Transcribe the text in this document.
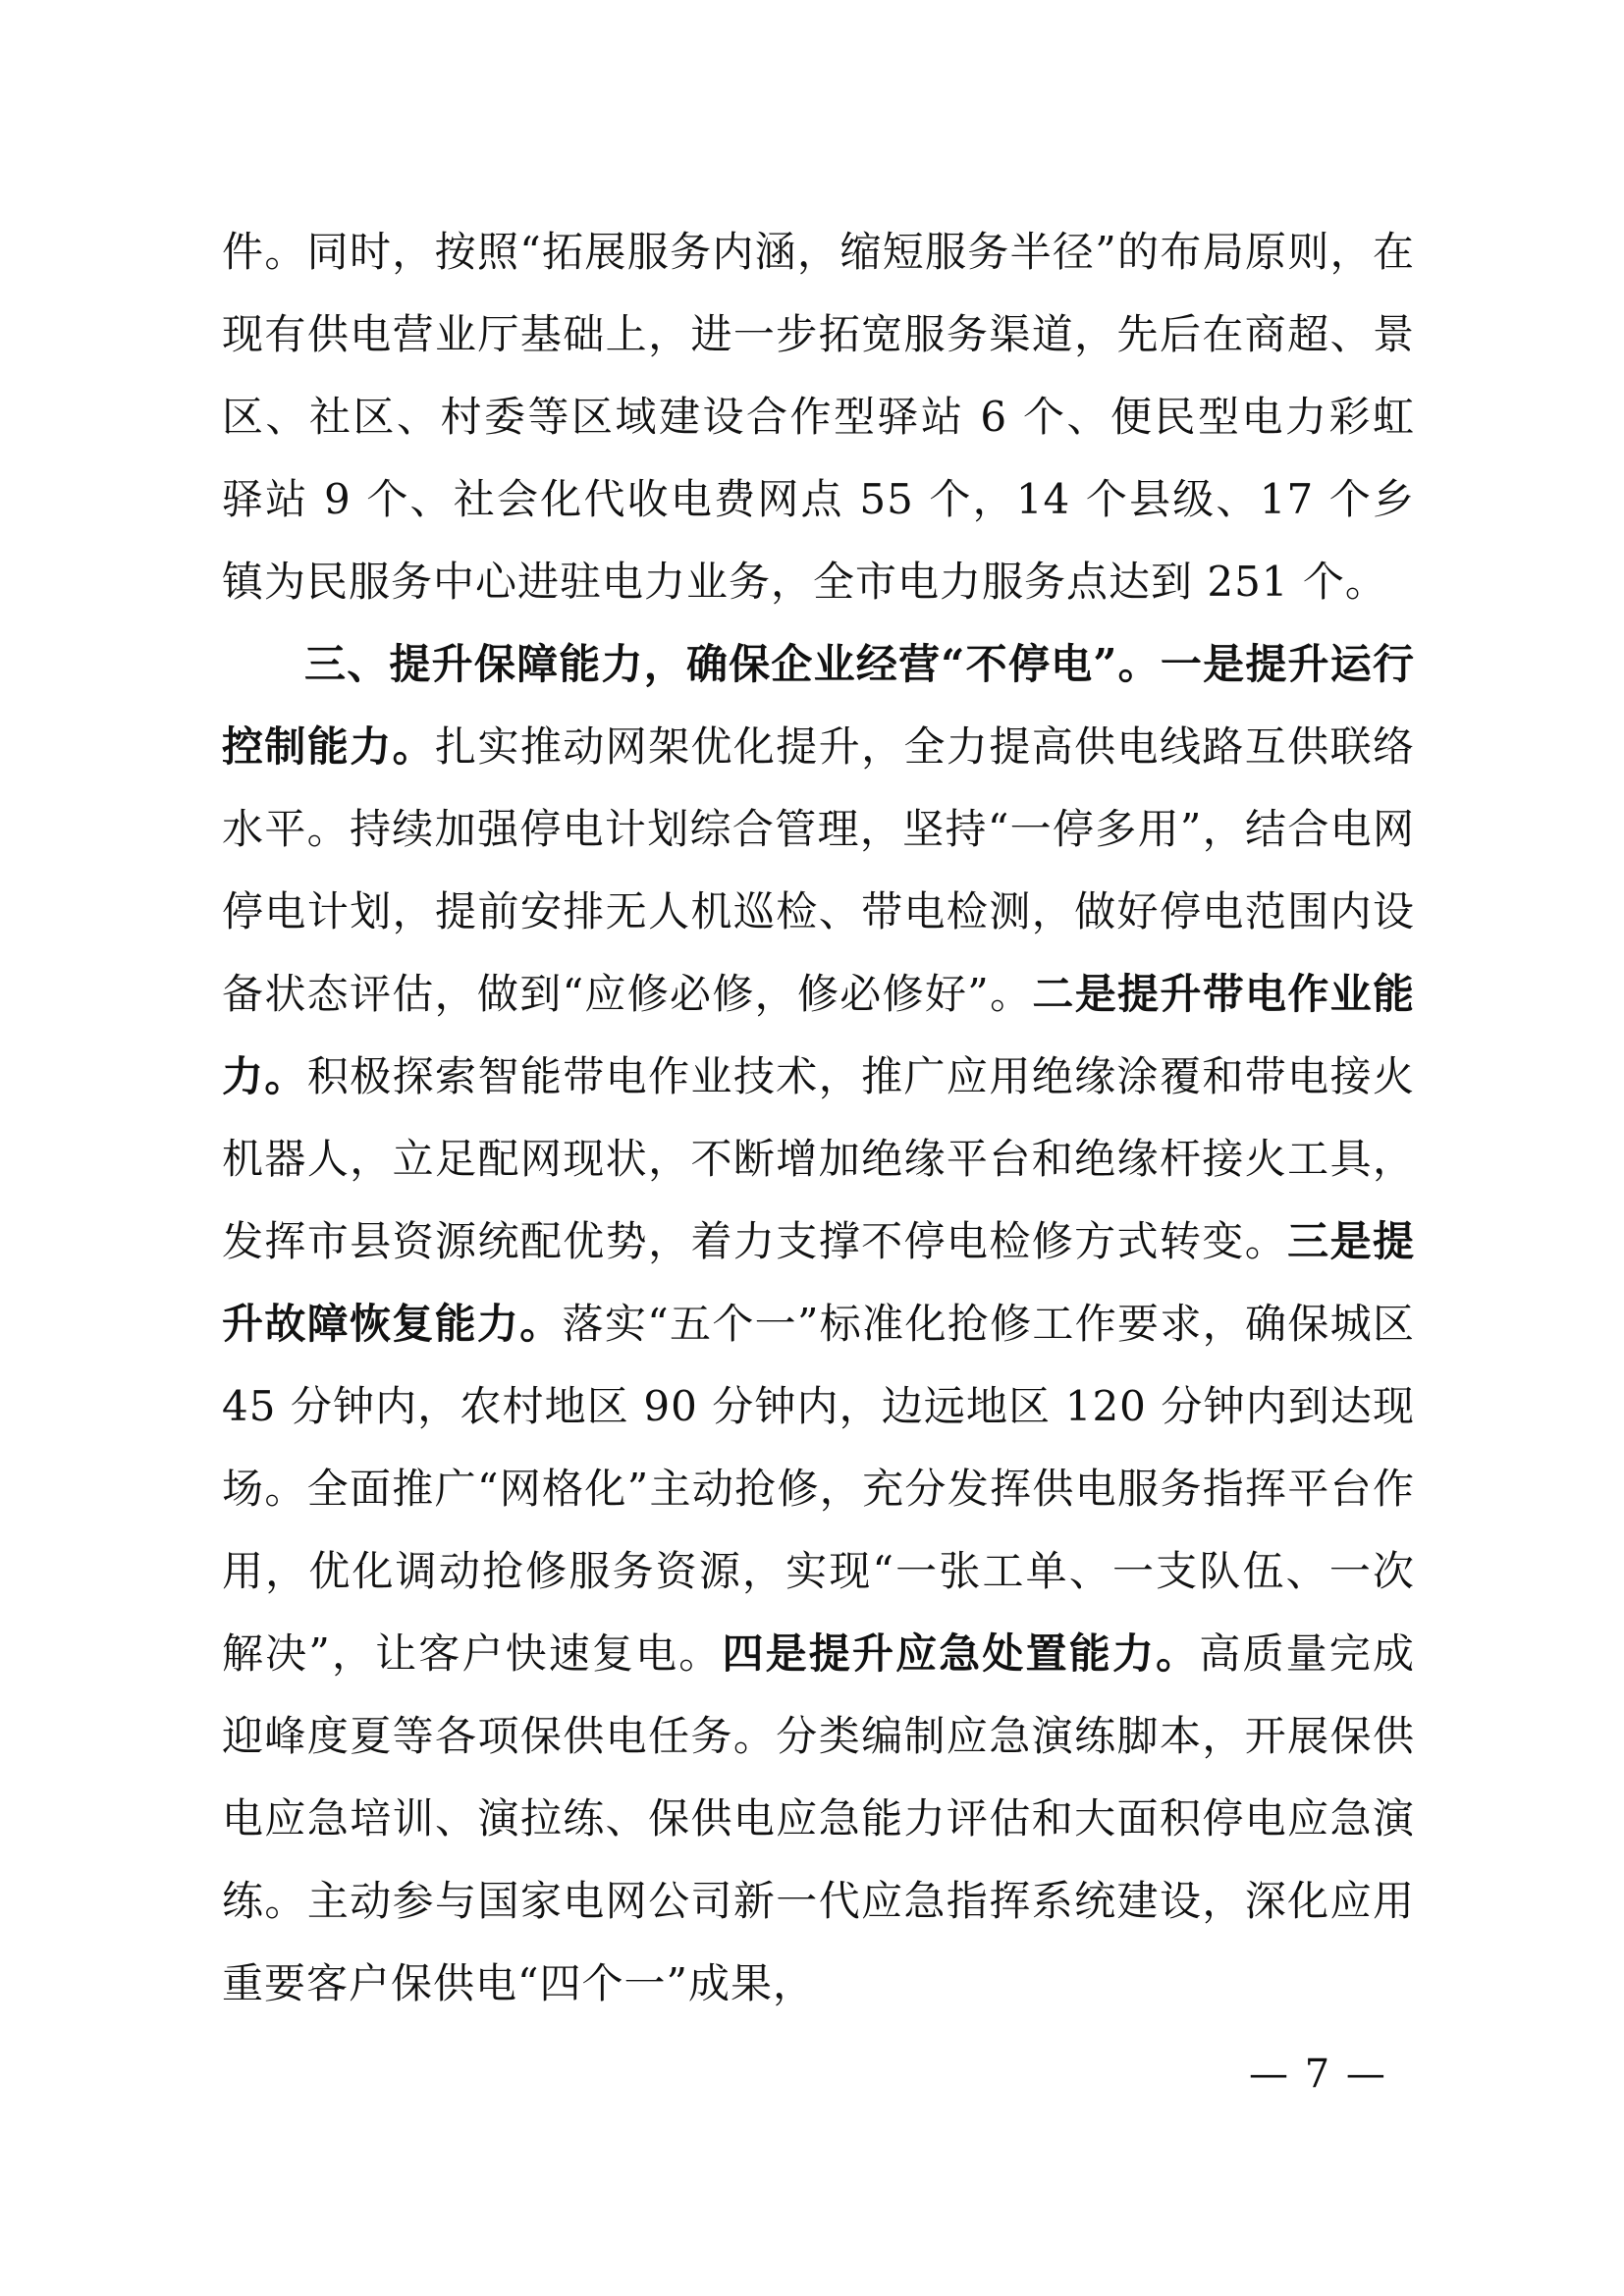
件。同时，按照“拓展服务内涵，缩短服务半径”的布局原则，在现有供电营业厅基础上，进一步拓宽服务渠道，先后在商超、景区、社区、村委等区域建设合作型驿站 6 个、便民型电力彩虹驿站 9 个、社会化代收电费网点 55 个，14 个县级、17 个乡镇为民服务中心进驻电力业务，全市电力服务点达到 251 个。

三、提升保障能力，确保企业经营“不停电”。一是提升运行控制能力。扎实推动网架优化提升，全力提高供电线路互供联络水平。持续加强停电计划综合管理，坚持“一停多用”，结合电网停电计划，提前安排无人机巡检、带电检测，做好停电范围内设备状态评估，做到“应修必修，修必修好”。二是提升带电作业能力。积极探索智能带电作业技术，推广应用绝缘涂覆和带电接火机器人，立足配网现状，不断增加绝缘平台和绝缘杆接火工具，发挥市县资源统配优势，着力支撑不停电检修方式转变。三是提升故障恢复能力。落实“五个一”标准化抢修工作要求，确保城区 45 分钟内，农村地区 90 分钟内，边远地区 120 分钟内到达现场。全面推广“网格化”主动抢修，充分发挥供电服务指挥平台作用，优化调动抢修服务资源，实现“一张工单、一支队伍、一次解决”，让客户快速复电。四是提升应急处置能力。高质量完成迎峰度夏等各项保供电任务。分类编制应急演练脚本，开展保供电应急培训、演拉练、保供电应急能力评估和大面积停电应急演练。主动参与国家电网公司新一代应急指挥系统建设，深化应用重要客户保供电“四个一”成果，

— 7 —
